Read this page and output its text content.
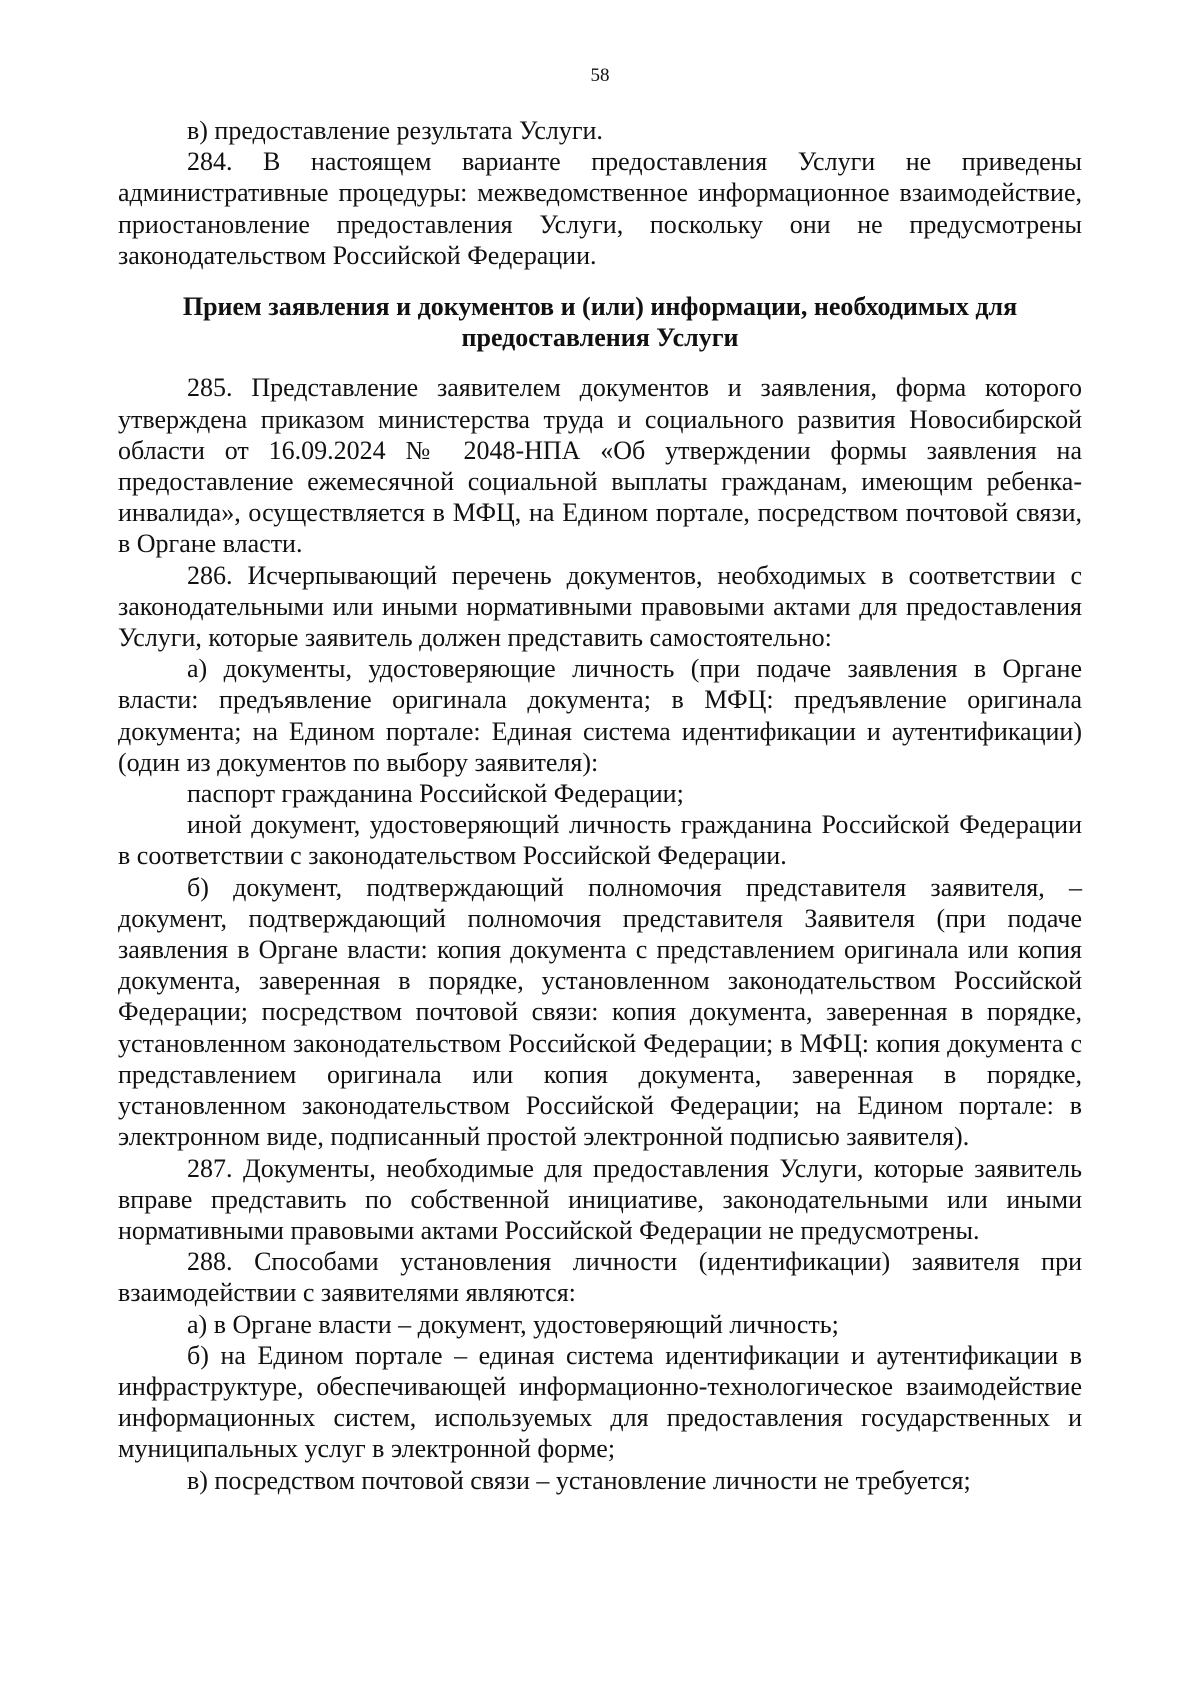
58

в) предоставление результата Услуги.

284. В настоящем варианте предоставления Услуги не приведены административные процедуры: межведомственное информационное взаимодействие, приостановление предоставления Услуги, поскольку они не предусмотрены законодательством Российской Федерации.

Прием заявления и документов и (или) информации, необходимых для
предоставления Услуги

285. Представление заявителем документов и заявления, форма которого утверждена приказом министерства труда и социального развития Новосибирской области от 16.09.2024 № 2048-НПА «Об утверждении формы заявления на предоставление ежемесячной социальной выплаты гражданам, имеющим ребенка-инвалида», осуществляется в МФЦ, на Едином портале, посредством почтовой связи, в Органе власти.

286. Исчерпывающий перечень документов, необходимых в соответствии с законодательными или иными нормативными правовыми актами для предоставления Услуги, которые заявитель должен представить самостоятельно:

а) документы, удостоверяющие личность (при подаче заявления в Органе власти: предъявление оригинала документа; в МФЦ: предъявление оригинала документа; на Едином портале: Единая система идентификации и аутентификации) (один из документов по выбору заявителя):

паспорт гражданина Российской Федерации;

иной документ, удостоверяющий личность гражданина Российской Федерации в соответствии с законодательством Российской Федерации.

б) документ, подтверждающий полномочия представителя заявителя, – документ, подтверждающий полномочия представителя Заявителя (при подаче заявления в Органе власти: копия документа с представлением оригинала или копия документа, заверенная в порядке, установленном законодательством Российской Федерации; посредством почтовой связи: копия документа, заверенная в порядке, установленном законодательством Российской Федерации; в МФЦ: копия документа с представлением оригинала или копия документа, заверенная в порядке, установленном законодательством Российской Федерации; на Едином портале: в электронном виде, подписанный простой электронной подписью заявителя).

287. Документы, необходимые для предоставления Услуги, которые заявитель вправе представить по собственной инициативе, законодательными или иными нормативными правовыми актами Российской Федерации не предусмотрены.

288. Способами установления личности (идентификации) заявителя при взаимодействии с заявителями являются:

а) в Органе власти – документ, удостоверяющий личность;

б) на Едином портале – единая система идентификации и аутентификации в инфраструктуре, обеспечивающей информационно-технологическое взаимодействие информационных систем, используемых для предоставления государственных и муниципальных услуг в электронной форме;

в) посредством почтовой связи – установление личности не требуется;
